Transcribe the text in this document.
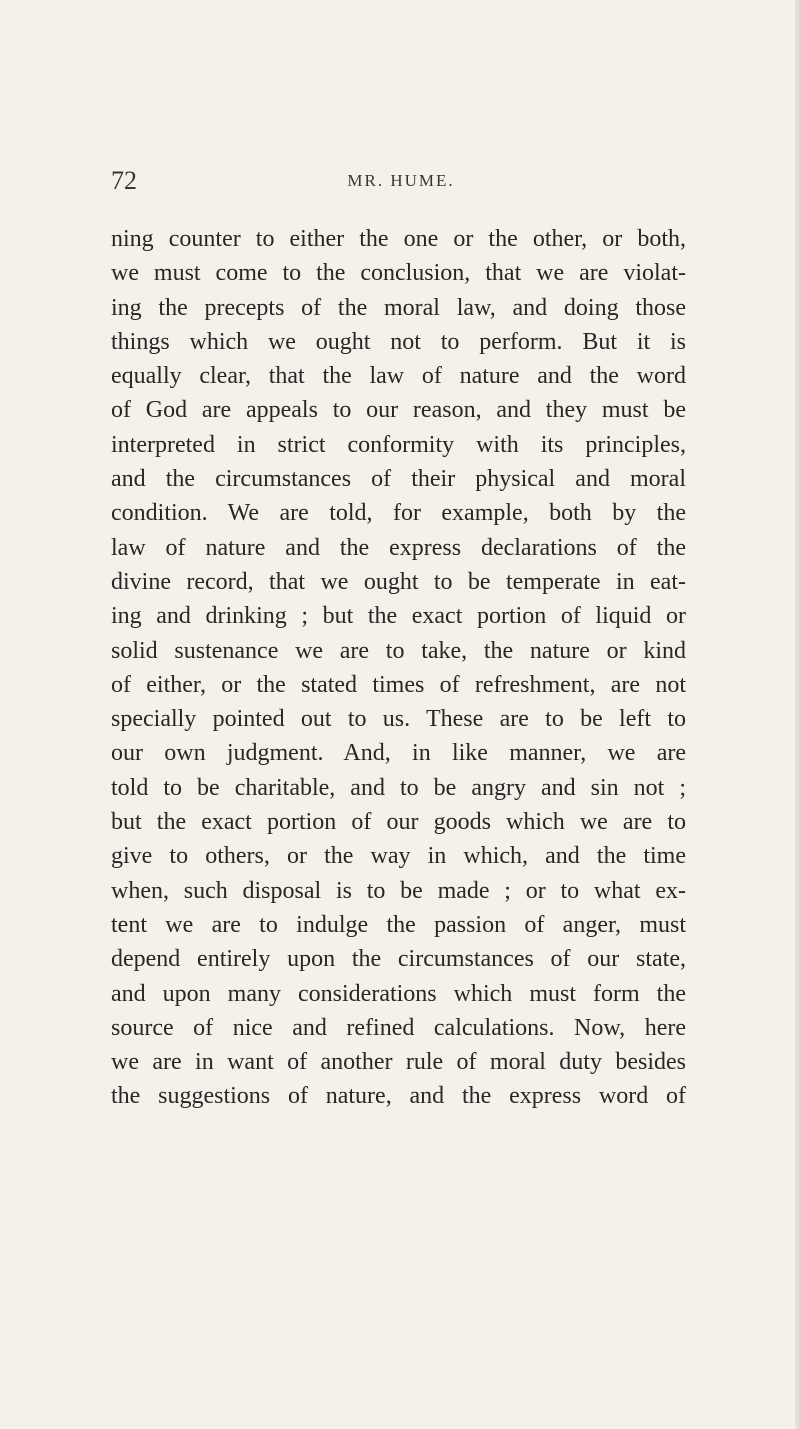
72	MR. HUME.
ning counter to either the one or the other, or both,
we must come to the conclusion, that we are violat-
ing the precepts of the moral law, and doing those
things which we ought not to perform. But it is
equally clear, that the law of nature and the word
of God are appeals to our reason, and they must be
interpreted in strict conformity with its principles,
and the circumstances of their physical and moral
condition. We are told, for example, both by the
law of nature and the express declarations of the
divine record, that we ought to be temperate in eat-
ing and drinking ; but the exact portion of liquid or
solid sustenance we are to take, the nature or kind
of either, or the stated times of refreshment, are not
specially pointed out to us. These are to be left to
our own judgment. And, in like manner, we are
told to be charitable, and to be angry and sin not ;
but the exact portion of our goods which we are to
give to others, or the way in which, and the time
when, such disposal is to be made ; or to what ex-
tent we are to indulge the passion of anger, must
depend entirely upon the circumstances of our state,
and upon many considerations which must form the
source of nice and refined calculations. Now, here
we are in want of another rule of moral duty besides
the suggestions of nature, and the express word of
